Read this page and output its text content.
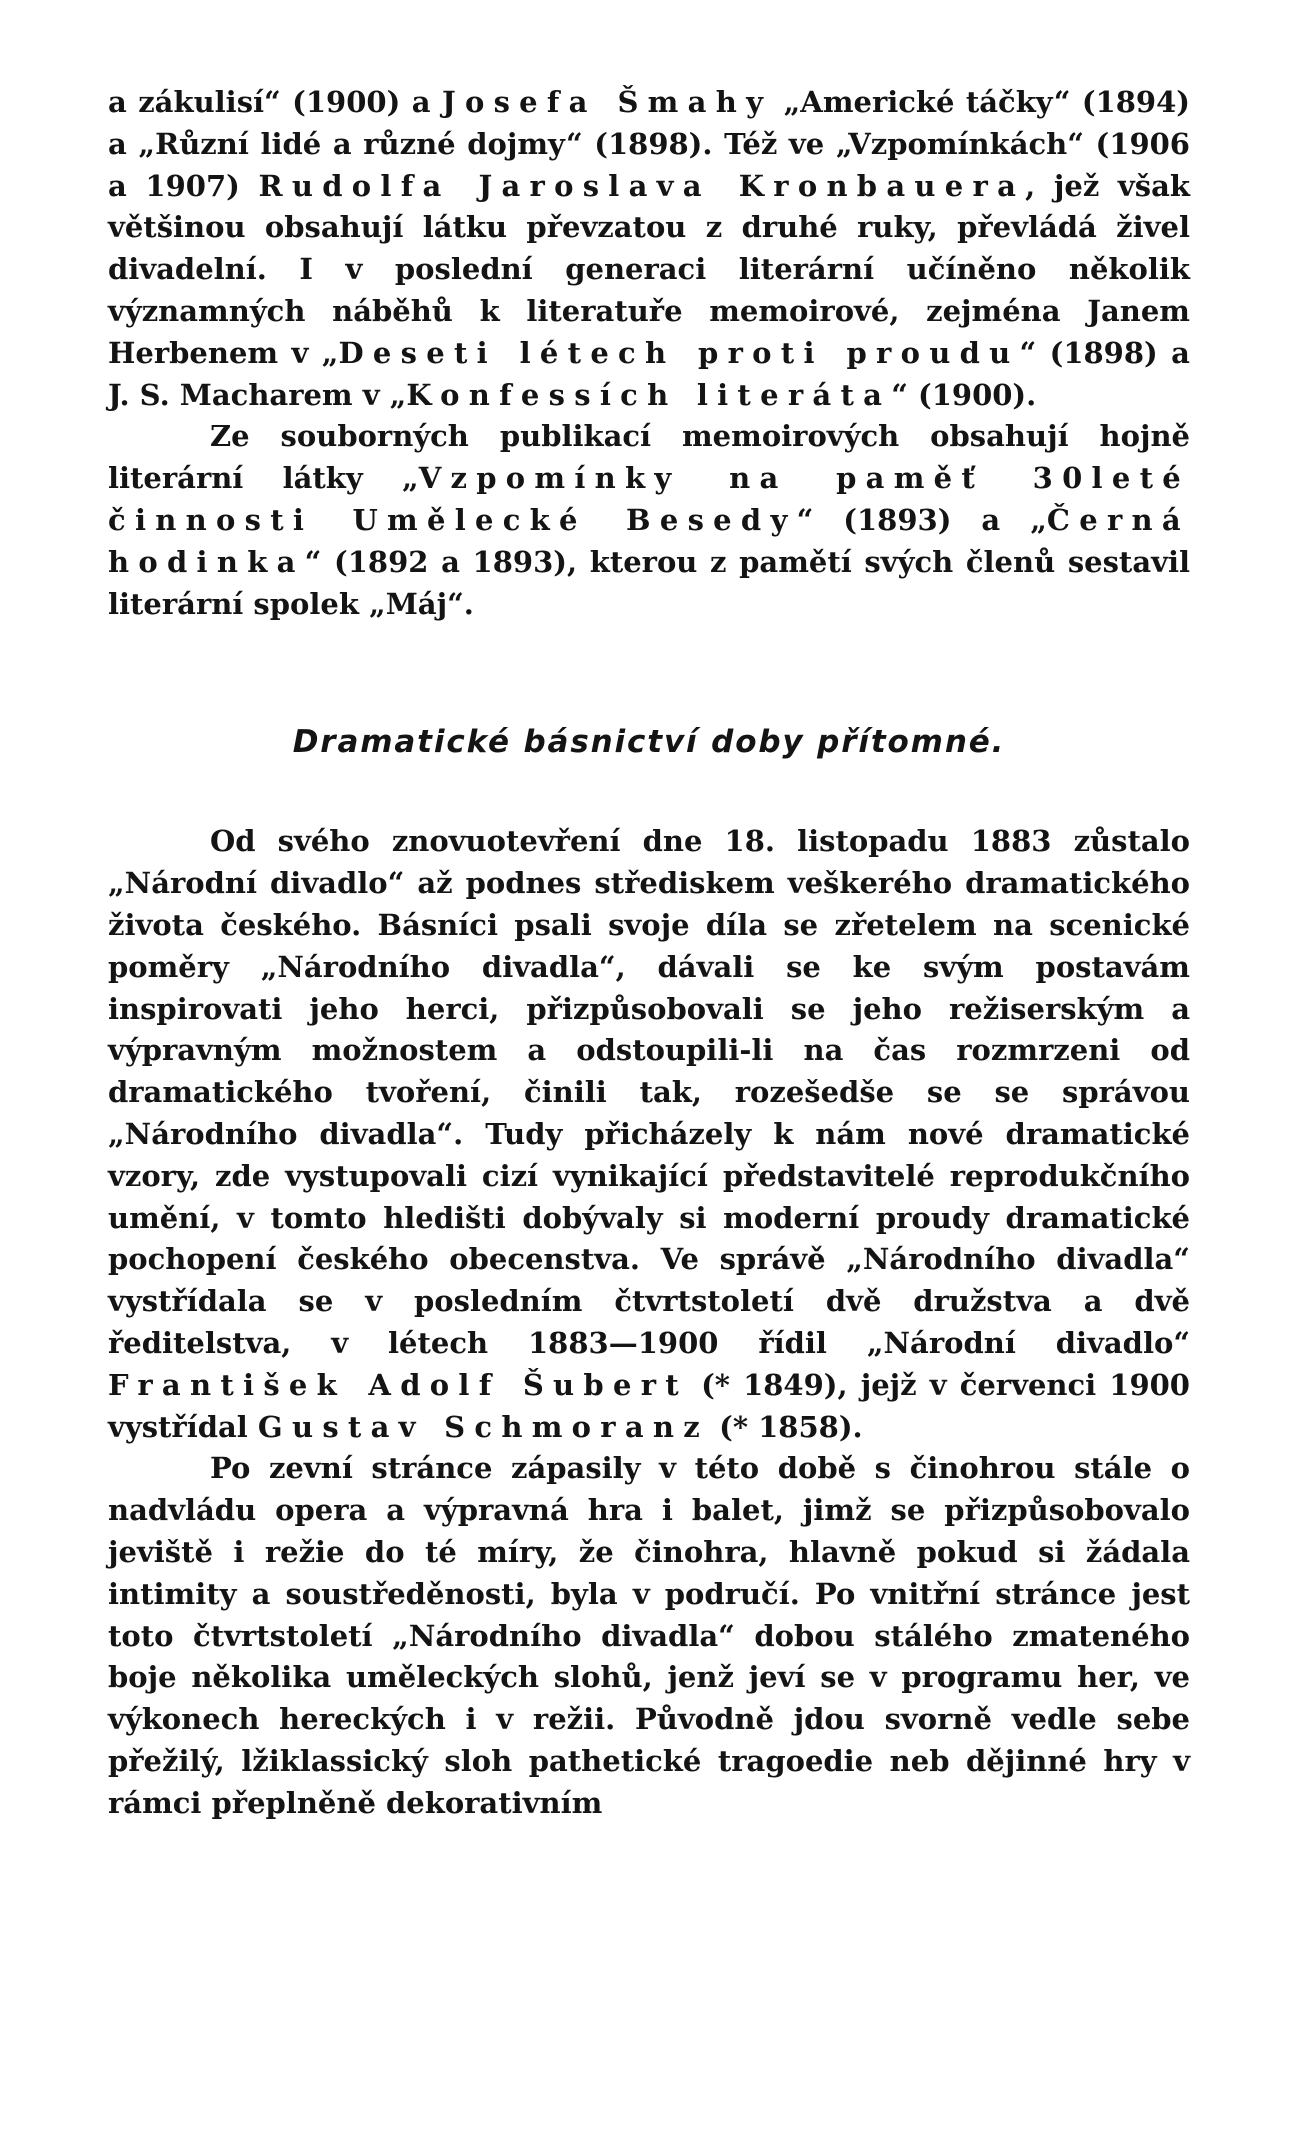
a zákulisí“ (1900) a Josefa Šmahy „Americké táčky“ (1894) a „Různí lidé a různé dojmy“ (1898). Též ve „Vzpomínkách“ (1906 a 1907) Rudolfa Jaroslava Kronbauera, jež však většinou obsahují látku převzatou z druhé ruky, převládá živel divadelní. I v poslední generaci literární učíněno několik významných náběhů k literatuře memoirové, zejména Janem Herbenem v „Deseti létech proti proudu“ (1898) a J. S. Macharem v „Konfessích literáta“ (1900).

Ze souborných publikací memoirových obsahují hojně literární látky „Vzpomínky na paměť 30leté činnosti Umělecké Besedy“ (1893) a „Černá hodinka“ (1892 a 1893), kterou z pamětí svých členů sestavil literární spolek „Máj“.

Dramatické básnictví doby přítomné.

Od svého znovuotevření dne 18. listopadu 1883 zůstalo „Národní divadlo“ až podnes střediskem veškerého dramatického života českého. Básníci psali svoje díla se zřetelem na scenické poměry „Národního divadla“, dávali se ke svým postavám inspirovati jeho herci, přizpůsobovali se jeho režiserským a výpravným možnostem a odstoupili-li na čas rozmrzeni od dramatického tvoření, činili tak, rozešedše se se správou „Národního divadla“. Tudy přicházely k nám nové dramatické vzory, zde vystupovali cizí vynikající představitelé reprodukčního umění, v tomto hledišti dobývaly si moderní proudy dramatické pochopení českého obecenstva. Ve správě „Národního divadla“ vystřídala se v posledním čtvrtstoletí dvě družstva a dvě ředitelstva, v létech 1883—1900 řídil „Národní divadlo“ František Adolf Šubert (* 1849), jejž v červenci 1900 vystřídal Gustav Schmoranz (* 1858).

Po zevní stránce zápasily v této době s činohrou stále o nadvládu opera a výpravná hra i balet, jimž se přizpůsobovalo jeviště i režie do té míry, že činohra, hlavně pokud si žádala intimity a soustředěnosti, byla v područí. Po vnitřní stránce jest toto čtvrtstoletí „Národního divadla“ dobou stálého zmateného boje několika uměleckých slohů, jenž jeví se v programu her, ve výkonech hereckých i v režii. Původně jdou svorně vedle sebe přežilý, lžiklassický sloh pathetické tragoedie neb dějinné hry v rámci přeplněně dekorativním
